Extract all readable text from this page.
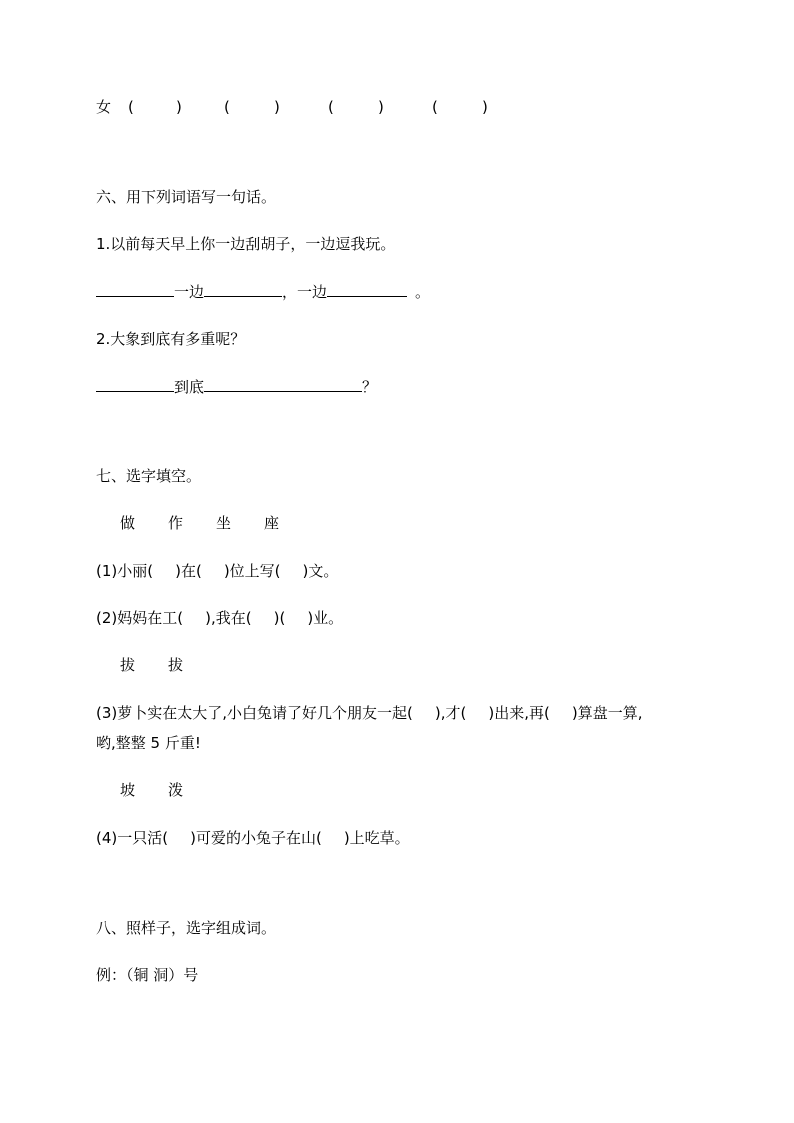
女 (	)	(	)	(	)	(	)
六、用下列词语写一句话。
1.以前每天早上你一边刮胡子，一边逗我玩。
一边	，一边	。
2.大象到底有多重呢？
到底	？
七、选字填空。
做 作 坐 座
(1)小丽( )在( )位上写( )文。
(2)妈妈在工( ),我在( )( )业。
拔 拔
(3)萝卜实在太大了,小白兔请了好几个朋友一起( ),才( )出来,再( )算盘一算,
哟,整整 5 斤重!
坡 泼
(4)一只活( )可爱的小兔子在山( )上吃草。
八、照样子，选字组成词。
例：（铜 洞）号
